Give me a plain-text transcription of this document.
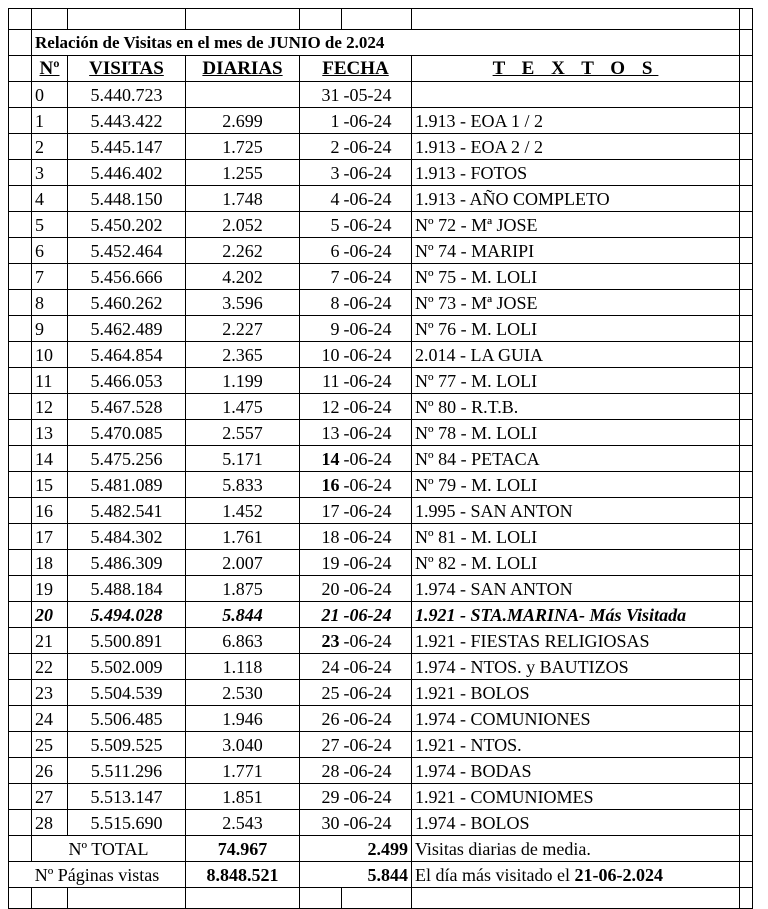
	Relación de Visitas en el mes de JUNIO de 2.024						
	Nº	VISITAS	DIARIAS	FECHA		T E X T O S	
	0	5.440.723		31	-05-24		
	1	5.443.422	2.699	1	-06-24	1.913 - EOA 1 / 2	
	2	5.445.147	1.725	2	-06-24	1.913 - EOA 2 / 2	
	3	5.446.402	1.255	3	-06-24	1.913 - FOTOS	
	4	5.448.150	1.748	4	-06-24	1.913 - AÑO COMPLETO	
	5	5.450.202	2.052	5	-06-24	Nº 72 - Mª JOSE	
	6	5.452.464	2.262	6	-06-24	Nº 74 - MARIPI	
	7	5.456.666	4.202	7	-06-24	Nº 75 - M. LOLI	
	8	5.460.262	3.596	8	-06-24	Nº 73 - Mª JOSE	
	9	5.462.489	2.227	9	-06-24	Nº 76 - M. LOLI	
	10	5.464.854	2.365	10	-06-24	2.014 - LA GUIA	
	11	5.466.053	1.199	11	-06-24	Nº 77 - M. LOLI	
	12	5.467.528	1.475	12	-06-24	Nº 80 - R.T.B.	
	13	5.470.085	2.557	13	-06-24	Nº 78 - M. LOLI	
	14	5.475.256	5.171	14	-06-24	Nº 84 - PETACA	
	15	5.481.089	5.833	16	-06-24	Nº 79 - M. LOLI	
	16	5.482.541	1.452	17	-06-24	1.995 - SAN ANTON	
	17	5.484.302	1.761	18	-06-24	Nº 81 - M. LOLI	
	18	5.486.309	2.007	19	-06-24	Nº 82 - M. LOLI	
	19	5.488.184	1.875	20	-06-24	1.974 - SAN ANTON	
	20	5.494.028	5.844	21	-06-24	1.921 - STA.MARINA- Más Visitada	
	21	5.500.891	6.863	23	-06-24	1.921 - FIESTAS RELIGIOSAS	
	22	5.502.009	1.118	24	-06-24	1.974 - NTOS. y BAUTIZOS	
	23	5.504.539	2.530	25	-06-24	1.921 - BOLOS	
	24	5.506.485	1.946	26	-06-24	1.974 - COMUNIONES	
	25	5.509.525	3.040	27	-06-24	1.921 - NTOS.	
	26	5.511.296	1.771	28	-06-24	1.974 - BODAS	
	27	5.513.147	1.851	29	-06-24	1.921 - COMUNIOMES	
	28	5.515.690	2.543	30	-06-24	1.974 - BOLOS	
	Nº TOTAL		74.967	2.499		Visitas diarias de media.	
Nº Páginas vistas			8.848.521	5.844		El día más visitado el 21-06-2.024	
